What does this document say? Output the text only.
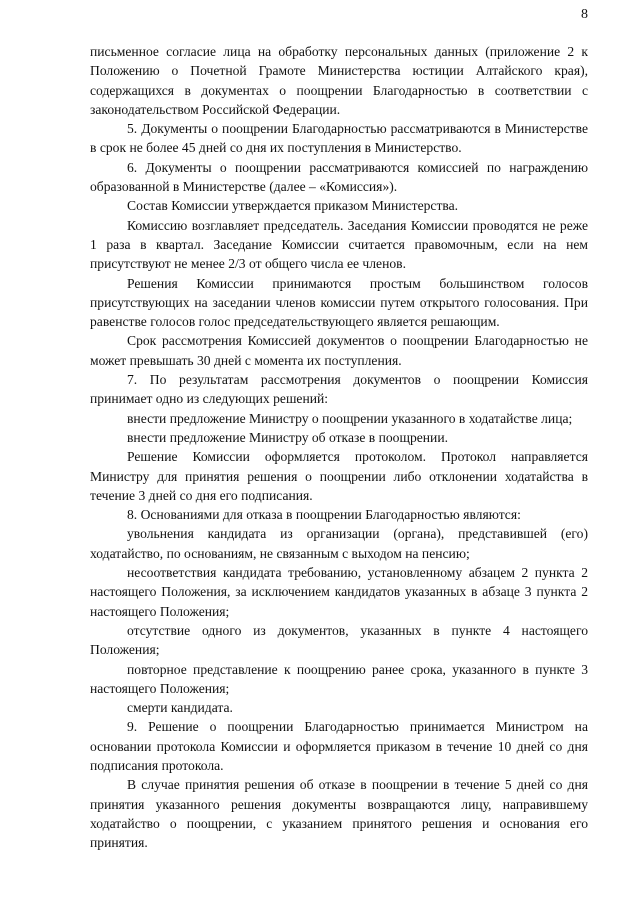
8

письменное согласие лица на обработку персональных данных (приложение 2 к Положению о Почетной Грамоте Министерства юстиции Алтайского края), содержащихся в документах о поощрении Благодарностью в соответствии с законодательством Российской Федерации.

5. Документы о поощрении Благодарностью рассматриваются в Министерстве в срок не более 45 дней со дня их поступления в Министерство.

6. Документы о поощрении рассматриваются комиссией по награждению образованной в Министерстве (далее – «Комиссия»).

Состав Комиссии утверждается приказом Министерства.

Комиссию возглавляет председатель. Заседания Комиссии проводятся не реже 1 раза в квартал. Заседание Комиссии считается правомочным, если на нем присутствуют не менее 2/3 от общего числа ее членов.

Решения Комиссии принимаются простым большинством голосов присутствующих на заседании членов комиссии путем открытого голосования. При равенстве голосов голос председательствующего является решающим.

Срок рассмотрения Комиссией документов о поощрении Благодарностью не может превышать 30 дней с момента их поступления.

7. По результатам рассмотрения документов о поощрении Комиссия принимает одно из следующих решений:

внести предложение Министру о поощрении указанного в ходатайстве лица;

внести предложение Министру об отказе в поощрении.

Решение Комиссии оформляется протоколом. Протокол направляется Министру для принятия решения о поощрении либо отклонении ходатайства в течение 3 дней со дня его подписания.

8. Основаниями для отказа в поощрении Благодарностью являются:

увольнения кандидата из организации (органа), представившей (его) ходатайство, по основаниям, не связанным с выходом на пенсию;

несоответствия кандидата требованию, установленному абзацем 2 пункта 2 настоящего Положения, за исключением кандидатов указанных в абзаце 3 пункта 2 настоящего Положения;

отсутствие одного из документов, указанных в пункте 4 настоящего Положения;

повторное представление к поощрению ранее срока, указанного в пункте 3 настоящего Положения;

смерти кандидата.

9. Решение о поощрении Благодарностью принимается Министром на основании протокола Комиссии и оформляется приказом в течение 10 дней со дня подписания протокола.

В случае принятия решения об отказе в поощрении в течение 5 дней со дня принятия указанного решения документы возвращаются лицу, направившему ходатайство о поощрении, с указанием принятого решения и основания его принятия.
